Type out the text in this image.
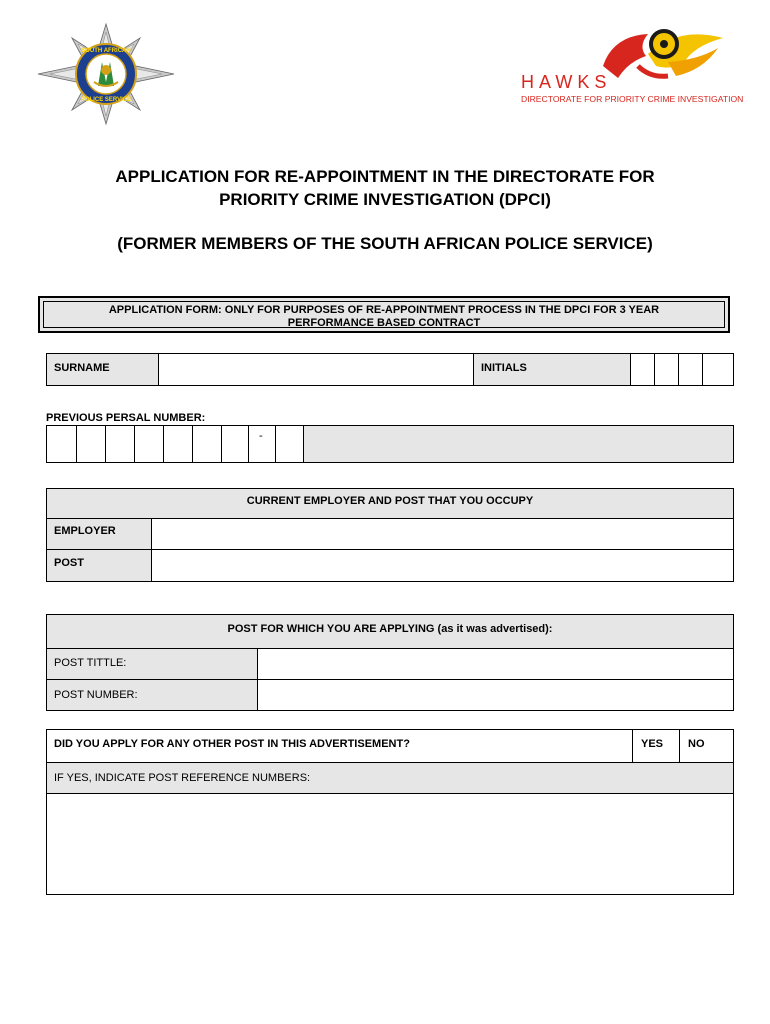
SOUTH AFRICAN
POLICE SERVICE
HAWKS
DIRECTORATE FOR PRIORITY CRIME INVESTIGATION
APPLICATION FOR RE-APPOINTMENT IN THE DIRECTORATE FOR
PRIORITY CRIME INVESTIGATION (DPCI)
(FORMER MEMBERS OF THE SOUTH AFRICAN POLICE SERVICE)
APPLICATION FORM: ONLY FOR PURPOSES OF RE-APPOINTMENT PROCESS IN THE DPCI FOR 3 YEAR
PERFORMANCE BASED CONTRACT
SURNAME	INITIALS
PREVIOUS PERSAL NUMBER:
-
CURRENT EMPLOYER AND POST THAT YOU OCCUPY
EMPLOYER
POST
POST FOR WHICH YOU ARE APPLYING (as it was advertised):
POST TITTLE:
POST NUMBER:
DID YOU APPLY FOR ANY OTHER POST IN THIS ADVERTISEMENT?	YES NO
IF YES, INDICATE POST REFERENCE NUMBERS:
